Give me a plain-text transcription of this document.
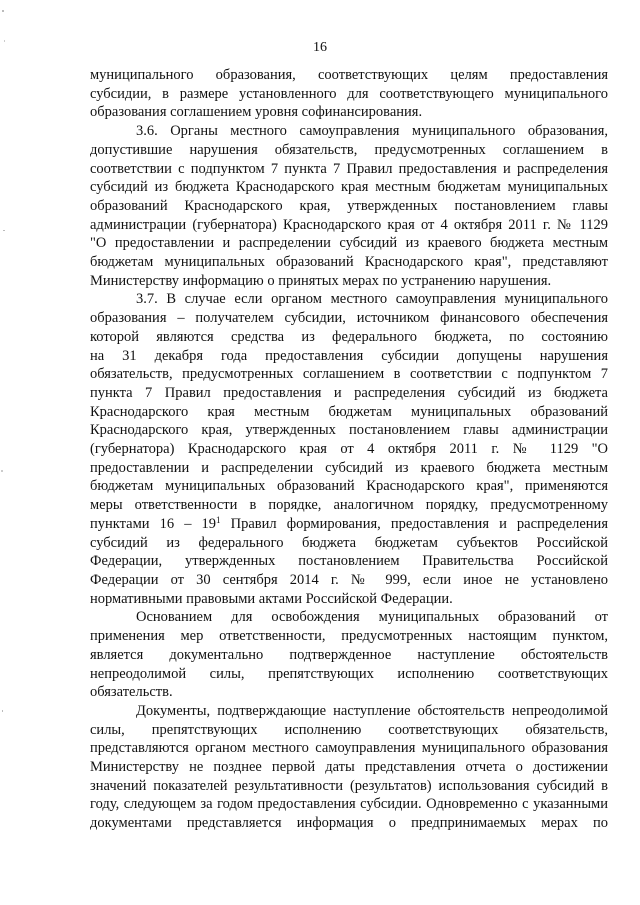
16
муниципального образования, соответствующих целям предоставления
субсидии, в размере установленного для соответствующего муниципального
образования соглашением уровня софинансирования.
3.6. Органы местного самоуправления муниципального образования,
допустившие нарушения обязательств, предусмотренных соглашением в
соответствии с подпунктом 7 пункта 7 Правил предоставления и распределения
субсидий из бюджета Краснодарского края местным бюджетам муниципальных
образований Краснодарского края, утвержденных постановлением главы
администрации (губернатора) Краснодарского края от 4 октября 2011 г. № 1129
"О предоставлении и распределении субсидий из краевого бюджета местным
бюджетам муниципальных образований Краснодарского края", представляют
Министерству информацию о принятых мерах по устранению нарушения.
3.7. В случае если органом местного самоуправления муниципального
образования – получателем субсидии, источником финансового обеспечения
которой являются средства из федерального бюджета, по состоянию
на 31 декабря года предоставления субсидии допущены нарушения
обязательств, предусмотренных соглашением в соответствии с подпунктом 7
пункта 7 Правил предоставления и распределения субсидий из бюджета
Краснодарского края местным бюджетам муниципальных образований
Краснодарского края, утвержденных постановлением главы администрации
(губернатора) Краснодарского края от 4 октября 2011 г. № 1129 "О
предоставлении и распределении субсидий из краевого бюджета местным
бюджетам муниципальных образований Краснодарского края", применяются
меры ответственности в порядке, аналогичном порядку, предусмотренному
пунктами $16 - 19^1$ Правил формирования, предоставления и распределения
субсидий из федерального бюджета бюджетам субъектов Российской
Федерации, утвержденных постановлением Правительства Российской
Федерации от 30 сентября 2014 г. № 999, если иное не установлено
нормативными правовыми актами Российской Федерации.
Основанием для освобождения муниципальных образований от
применения мер ответственности, предусмотренных настоящим пунктом,
является документально подтвержденное наступление обстоятельств
непреодолимой силы, препятствующих исполнению соответствующих
обязательств.
Документы, подтверждающие наступление обстоятельств непреодолимой
силы, препятствующих исполнению соответствующих обязательств,
представляются органом местного самоуправления муниципального образования
Министерству не позднее первой даты представления отчета о достижении
значений показателей результативности (результатов) использования субсидий в
году, следующем за годом предоставления субсидии. Одновременно с указанными
документами представляется информация о предпринимаемых мерах по
